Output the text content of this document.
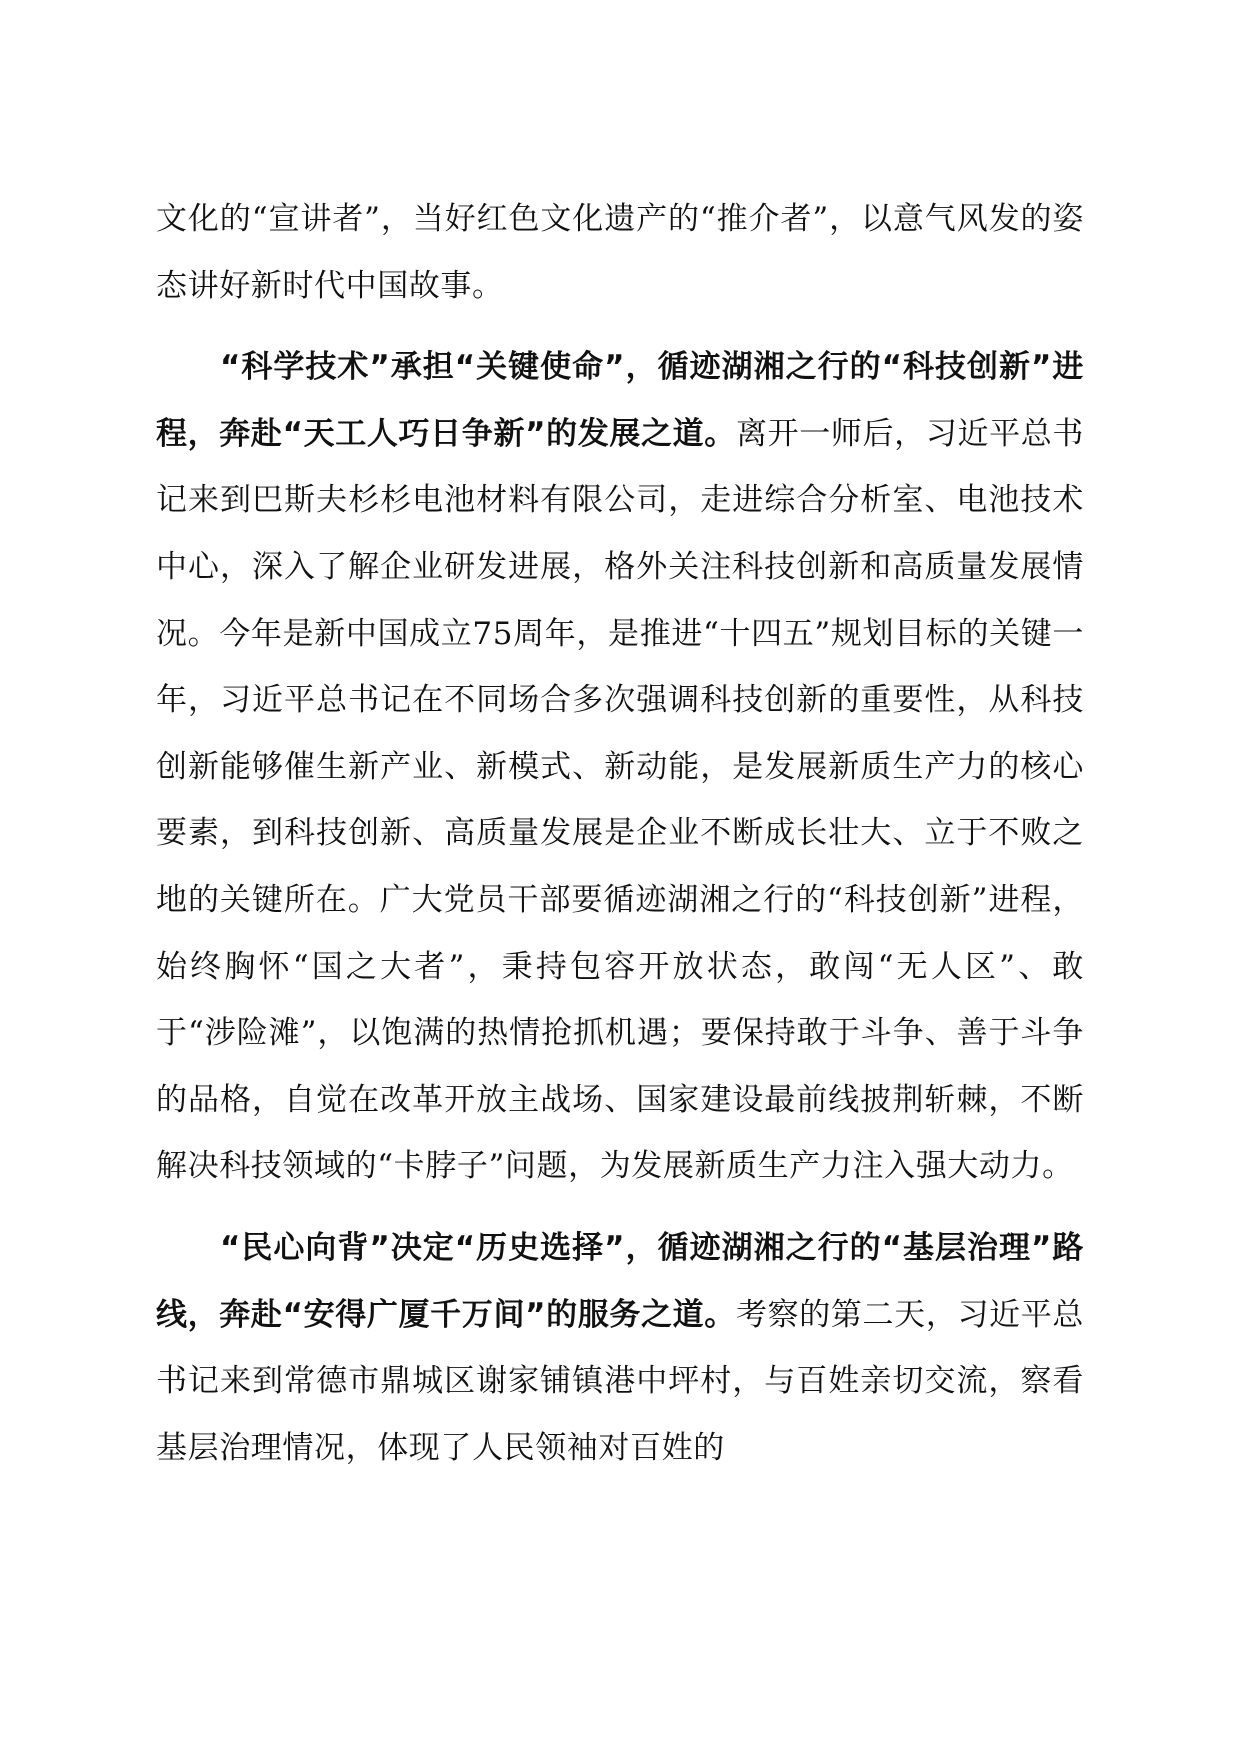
文化的“宣讲者”，当好红色文化遗产的“推介者”，以意气风发的姿态讲好新时代中国故事。

“科学技术”承担“关键使命”，循迹湖湘之行的“科技创新”进程，奔赴“天工人巧日争新”的发展之道。离开一师后，习近平总书记来到巴斯夫杉杉电池材料有限公司，走进综合分析室、电池技术中心，深入了解企业研发进展，格外关注科技创新和高质量发展情况。今年是新中国成立75周年，是推进“十四五”规划目标的关键一年，习近平总书记在不同场合多次强调科技创新的重要性，从科技创新能够催生新产业、新模式、新动能，是发展新质生产力的核心要素，到科技创新、高质量发展是企业不断成长壮大、立于不败之地的关键所在。广大党员干部要循迹湖湘之行的“科技创新”进程，始终胸怀“国之大者”，秉持包容开放状态，敢闯“无人区”、敢于“涉险滩”，以饱满的热情抢抓机遇；要保持敢于斗争、善于斗争的品格，自觉在改革开放主战场、国家建设最前线披荆斩棘，不断解决科技领域的“卡脖子”问题，为发展新质生产力注入强大动力。

“民心向背”决定“历史选择”，循迹湖湘之行的“基层治理”路线，奔赴“安得广厦千万间”的服务之道。考察的第二天，习近平总书记来到常德市鼎城区谢家铺镇港中坪村，与百姓亲切交流，察看基层治理情况，体现了人民领袖对百姓的
